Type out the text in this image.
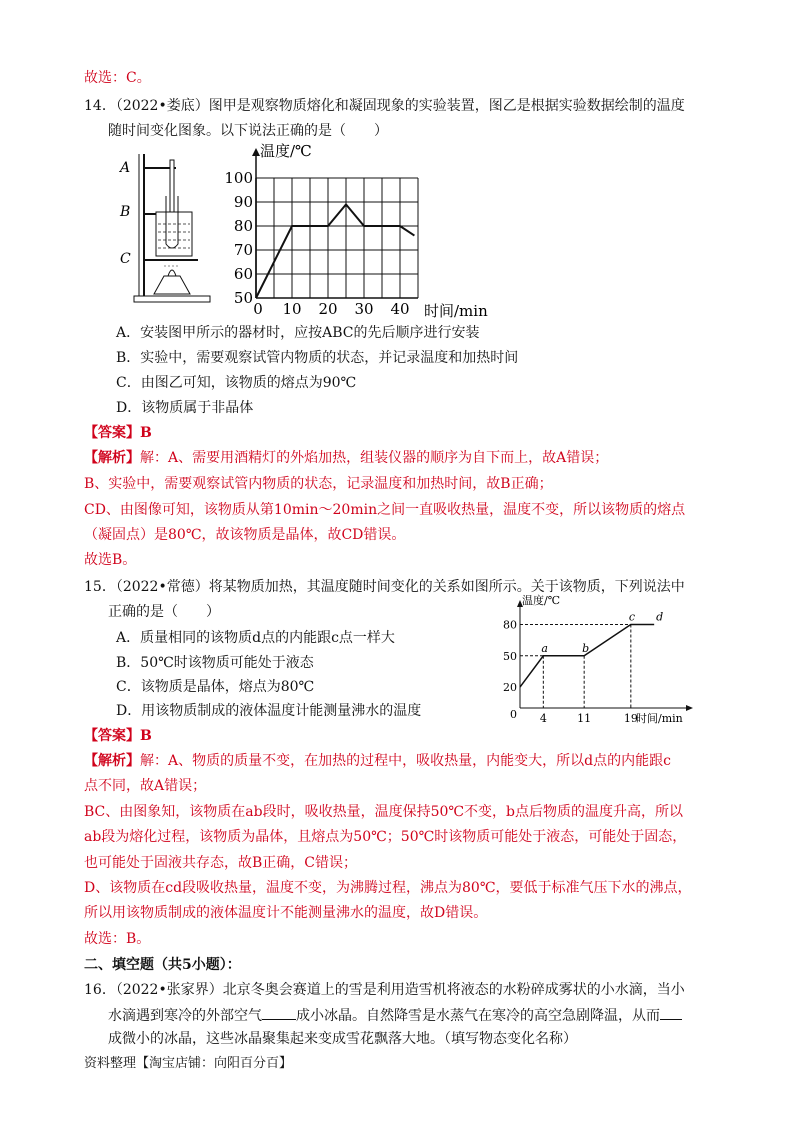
故选：C。
14．（2022•娄底）图甲是观察物质熔化和凝固现象的实验装置，图乙是根据实验数据绘制的温度
随时间变化图象。以下说法正确的是（　　）
A
B
C
温度/℃
时间/min
100
90
80
70
60
50
0 10 20 30 40
A．安装图甲所示的器材时，应按ABC的先后顺序进行安装
B．实验中，需要观察试管内物质的状态，并记录温度和加热时间
C．由图乙可知，该物质的熔点为90℃
D．该物质属于非晶体
【答案】B
【解析】解：A、需要用酒精灯的外焰加热，组装仪器的顺序为自下而上，故A错误；
B、实验中，需要观察试管内物质的状态，记录温度和加热时间，故B正确；
CD、由图像可知，该物质从第10min～20min之间一直吸收热量，温度不变，所以该物质的熔点
（凝固点）是80℃，故该物质是晶体，故CD错误。
故选B。
15．（2022•常德）将某物质加热，其温度随时间变化的关系如图所示。关于该物质，下列说法中
正确的是（　　）
A．质量相同的该物质d点的内能跟c点一样大
B．50℃时该物质可能处于液态
C．该物质是晶体，熔点为80℃
D．用该物质制成的液体温度计能测量沸水的温度
温度/℃
时间/min
0
80
50
20
4	11	19
a	b
c d
【答案】B
【解析】解：A、物质的质量不变，在加热的过程中，吸收热量，内能变大，所以d点的内能跟c
点不同，故A错误；
BC、由图象知，该物质在ab段时，吸收热量，温度保持50℃不变，b点后物质的温度升高，所以
ab段为熔化过程，该物质为晶体，且熔点为50℃；50℃时该物质可能处于液态，可能处于固态，
也可能处于固液共存态，故B正确，C错误；
D、该物质在cd段吸收热量，温度不变，为沸腾过程，沸点为80℃，要低于标准气压下水的沸点，
所以用该物质制成的液体温度计不能测量沸水的温度，故D错误。
故选：B。
二、填空题（共5小题）：
16．（2022•张家界）北京冬奥会赛道上的雪是利用造雪机将液态的水粉碎成雾状的小水滴，当小
水滴遇到寒冷的外部空气 成小冰晶。自然降雪是水蒸气在寒冷的高空急剧降温，从而
成微小的冰晶，这些冰晶聚集起来变成雪花飘落大地。（填写物态变化名称）
资料整理【淘宝店铺：向阳百分百】
